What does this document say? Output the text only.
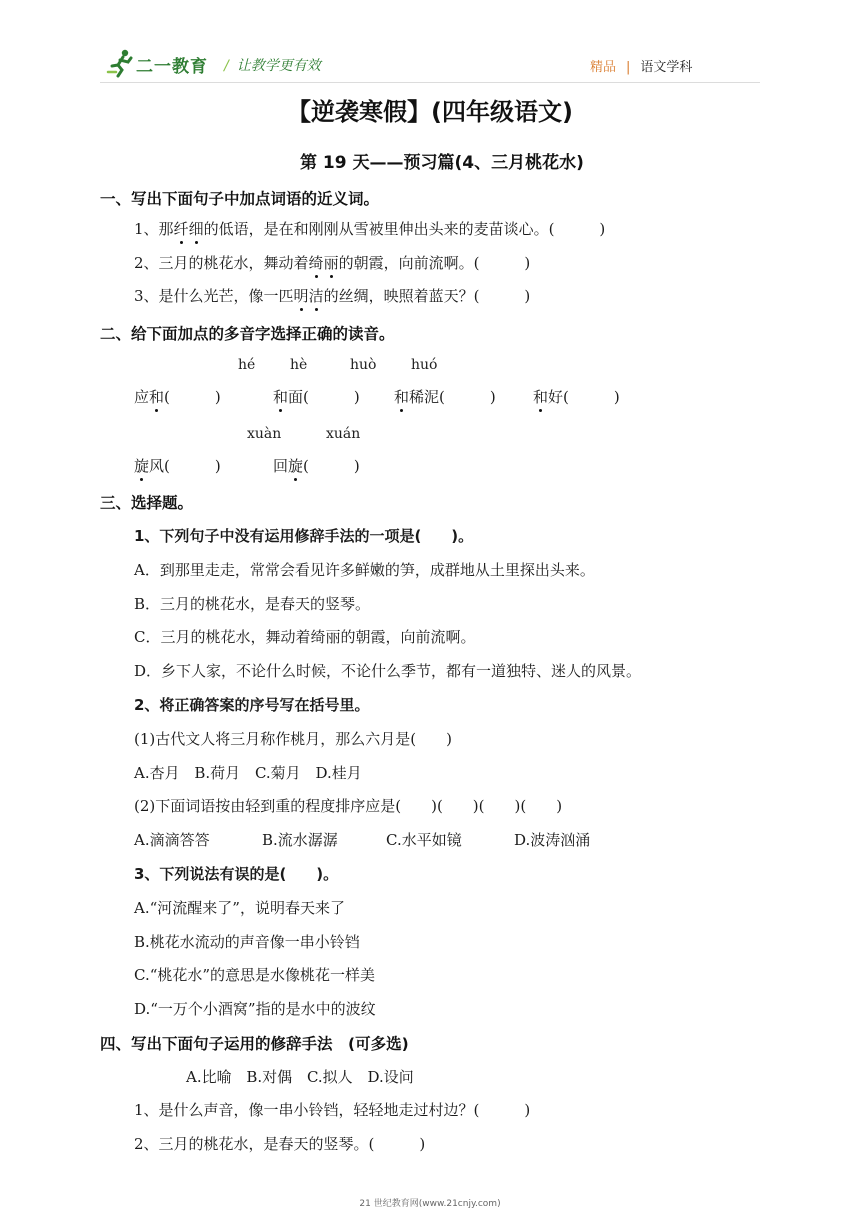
二一教育 / 让教学更有效	精品 | 语文学科
【逆袭寒假】(四年级语文)
第 19 天——预习篇(4、三月桃花水)
一、写出下面句子中加点词语的近义词。
1、那纤细的低语，是在和刚刚从雪被里伸出头来的麦苗谈心。(　　　)
2、三月的桃花水，舞动着绮丽的朝霞，向前流啊。(　　　)
3、是什么光芒，像一匹明洁的丝绸，映照着蓝天？(　　　)
二、给下面加点的多音字选择正确的读音。
hé hè	huò huó
应和(　　　)	和面(　　　) 和稀泥(　　　) 和好(　　　)
xuàn	xuán
旋风(　　　)	回旋(　　　)
三、选择题。
1、下列句子中没有运用修辞手法的一项是(　　)。
A．到那里走走，常常会看见许多鲜嫩的笋，成群地从土里探出头来。
B．三月的桃花水，是春天的竖琴。
C．三月的桃花水，舞动着绮丽的朝霞，向前流啊。
D．乡下人家，不论什么时候，不论什么季节，都有一道独特、迷人的风景。
2、将正确答案的序号写在括号里。
(1)古代文人将三月称作桃月，那么六月是(　　)
A.杏月 B.荷月 C.菊月 D.桂月
(2)下面词语按由轻到重的程度排序应是(　　)(　　)(　　)(　　)
A.滴滴答答	B.流水潺潺	C.水平如镜	D.波涛汹涌
3、下列说法有误的是(　　)。
A.“河流醒来了”，说明春天来了
B.桃花水流动的声音像一串小铃铛
C.“桃花水”的意思是水像桃花一样美
D.“一万个小酒窝”指的是水中的波纹
四、写出下面句子运用的修辞手法　(可多选)
A.比喻 B.对偶 C.拟人 D.设问
1、是什么声音，像一串小铃铛，轻轻地走过村边？(　　　)
2、三月的桃花水，是春天的竖琴。(　　　)
21 世纪教育网(www.21cnjy.com)
